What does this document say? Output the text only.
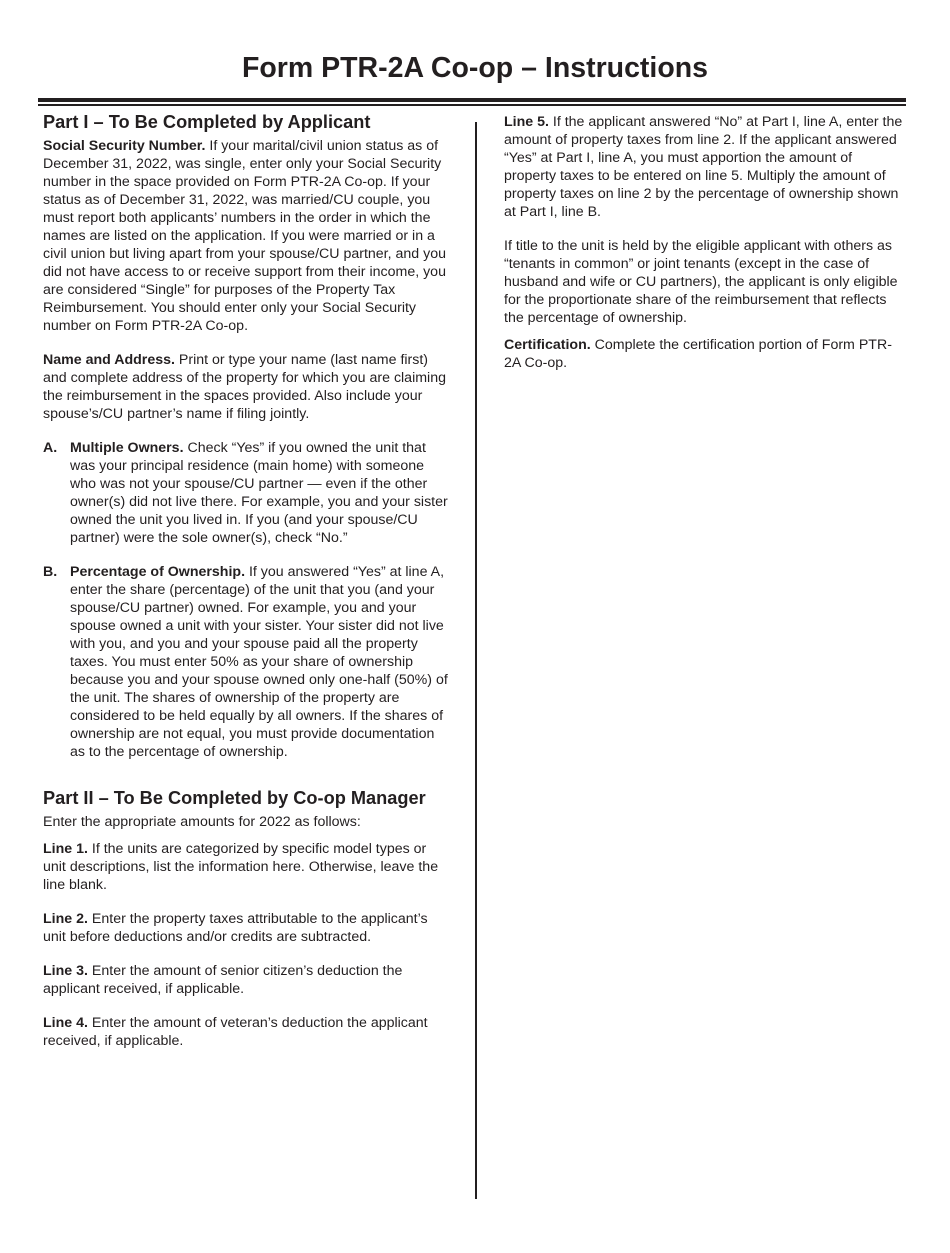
Form PTR-2A Co-op – Instructions
Part I – To Be Completed by Applicant

Social Security Number. If your marital/civil union status as of December 31, 2022, was single, enter only your Social Security number in the space provided on Form PTR-2A Co-op. If your status as of December 31, 2022, was married/CU couple, you must report both applicants’ numbers in the order in which the names are listed on the application. If you were married or in a civil union but living apart from your spouse/CU partner, and you did not have access to or receive support from their income, you are considered “Single” for purposes of the Property Tax Reimbursement. You should enter only your Social Security number on Form PTR-2A Co-op.

Name and Address. Print or type your name (last name first) and complete address of the property for which you are claiming the reimbursement in the spaces provided. Also include your spouse’s/CU partner’s name if filing jointly.

A. Multiple Owners. Check “Yes” if you owned the unit that was your principal residence (main home) with someone who was not your spouse/CU partner — even if the other owner(s) did not live there. For example, you and your sister owned the unit you lived in. If you (and your spouse/CU partner) were the sole owner(s), check “No.”
B. Percentage of Ownership. If you answered “Yes” at line A, enter the share (percentage) of the unit that you (and your spouse/CU partner) owned. For example, you and your spouse owned a unit with your sister. Your sister did not live with you, and you and your spouse paid all the property taxes. You must enter 50% as your share of ownership because you and your spouse owned only one-half (50%) of the unit. The shares of ownership of the property are considered to be held equally by all owners. If the shares of ownership are not equal, you must provide documentation as to the percentage of ownership.
Part II – To Be Completed by Co-op Manager

Enter the appropriate amounts for 2022 as follows:

Line 1. If the units are categorized by specific model types or unit descriptions, list the information here. Otherwise, leave the line blank.

Line 2. Enter the property taxes attributable to the applicant’s unit before deductions and/or credits are subtracted.

Line 3. Enter the amount of senior citizen’s deduction the applicant received, if applicable.

Line 4. Enter the amount of veteran’s deduction the applicant received, if applicable.

Line 5. If the applicant answered “No” at Part I, line A, enter the amount of property taxes from line 2. If the applicant answered “Yes” at Part I, line A, you must apportion the amount of property taxes to be entered on line 5. Multiply the amount of property taxes on line 2 by the percentage of ownership shown at Part I, line B.

If title to the unit is held by the eligible applicant with others as “tenants in common” or joint tenants (except in the case of husband and wife or CU partners), the applicant is only eligible for the proportionate share of the reimbursement that reflects the percentage of ownership.

Certification. Complete the certification portion of Form PTR-2A Co-op.
